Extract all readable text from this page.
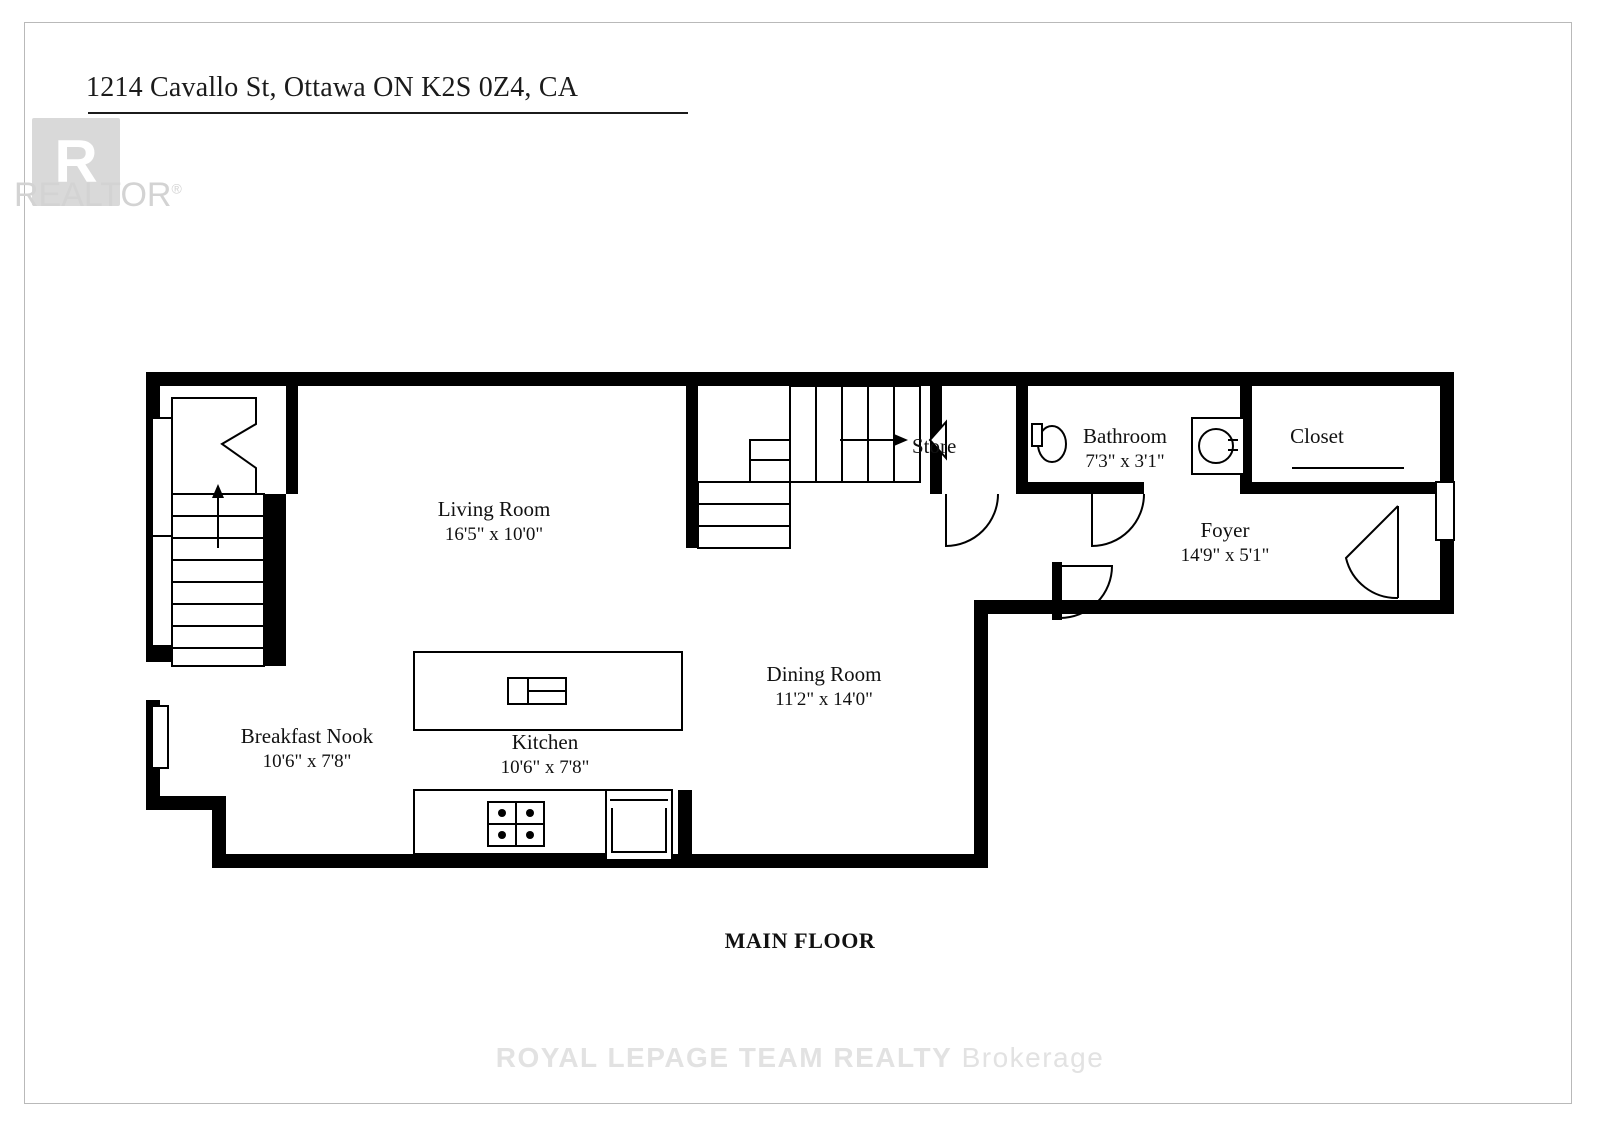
1214 Cavallo St, Ottawa ON K2S 0Z4, CA
R
REALTOR®
Living Room
16'5" x 10'0"
Store	Bathroom
7'3" x 3'1"
Closet
Foyer
14'9" x 5'1"
Dining Room
11'2" x 14'0"
Breakfast Nook
10'6" x 7'8"
Kitchen
10'6" x 7'8"
MAIN FLOOR
ROYAL LEPAGE TEAM REALTY Brokerage
